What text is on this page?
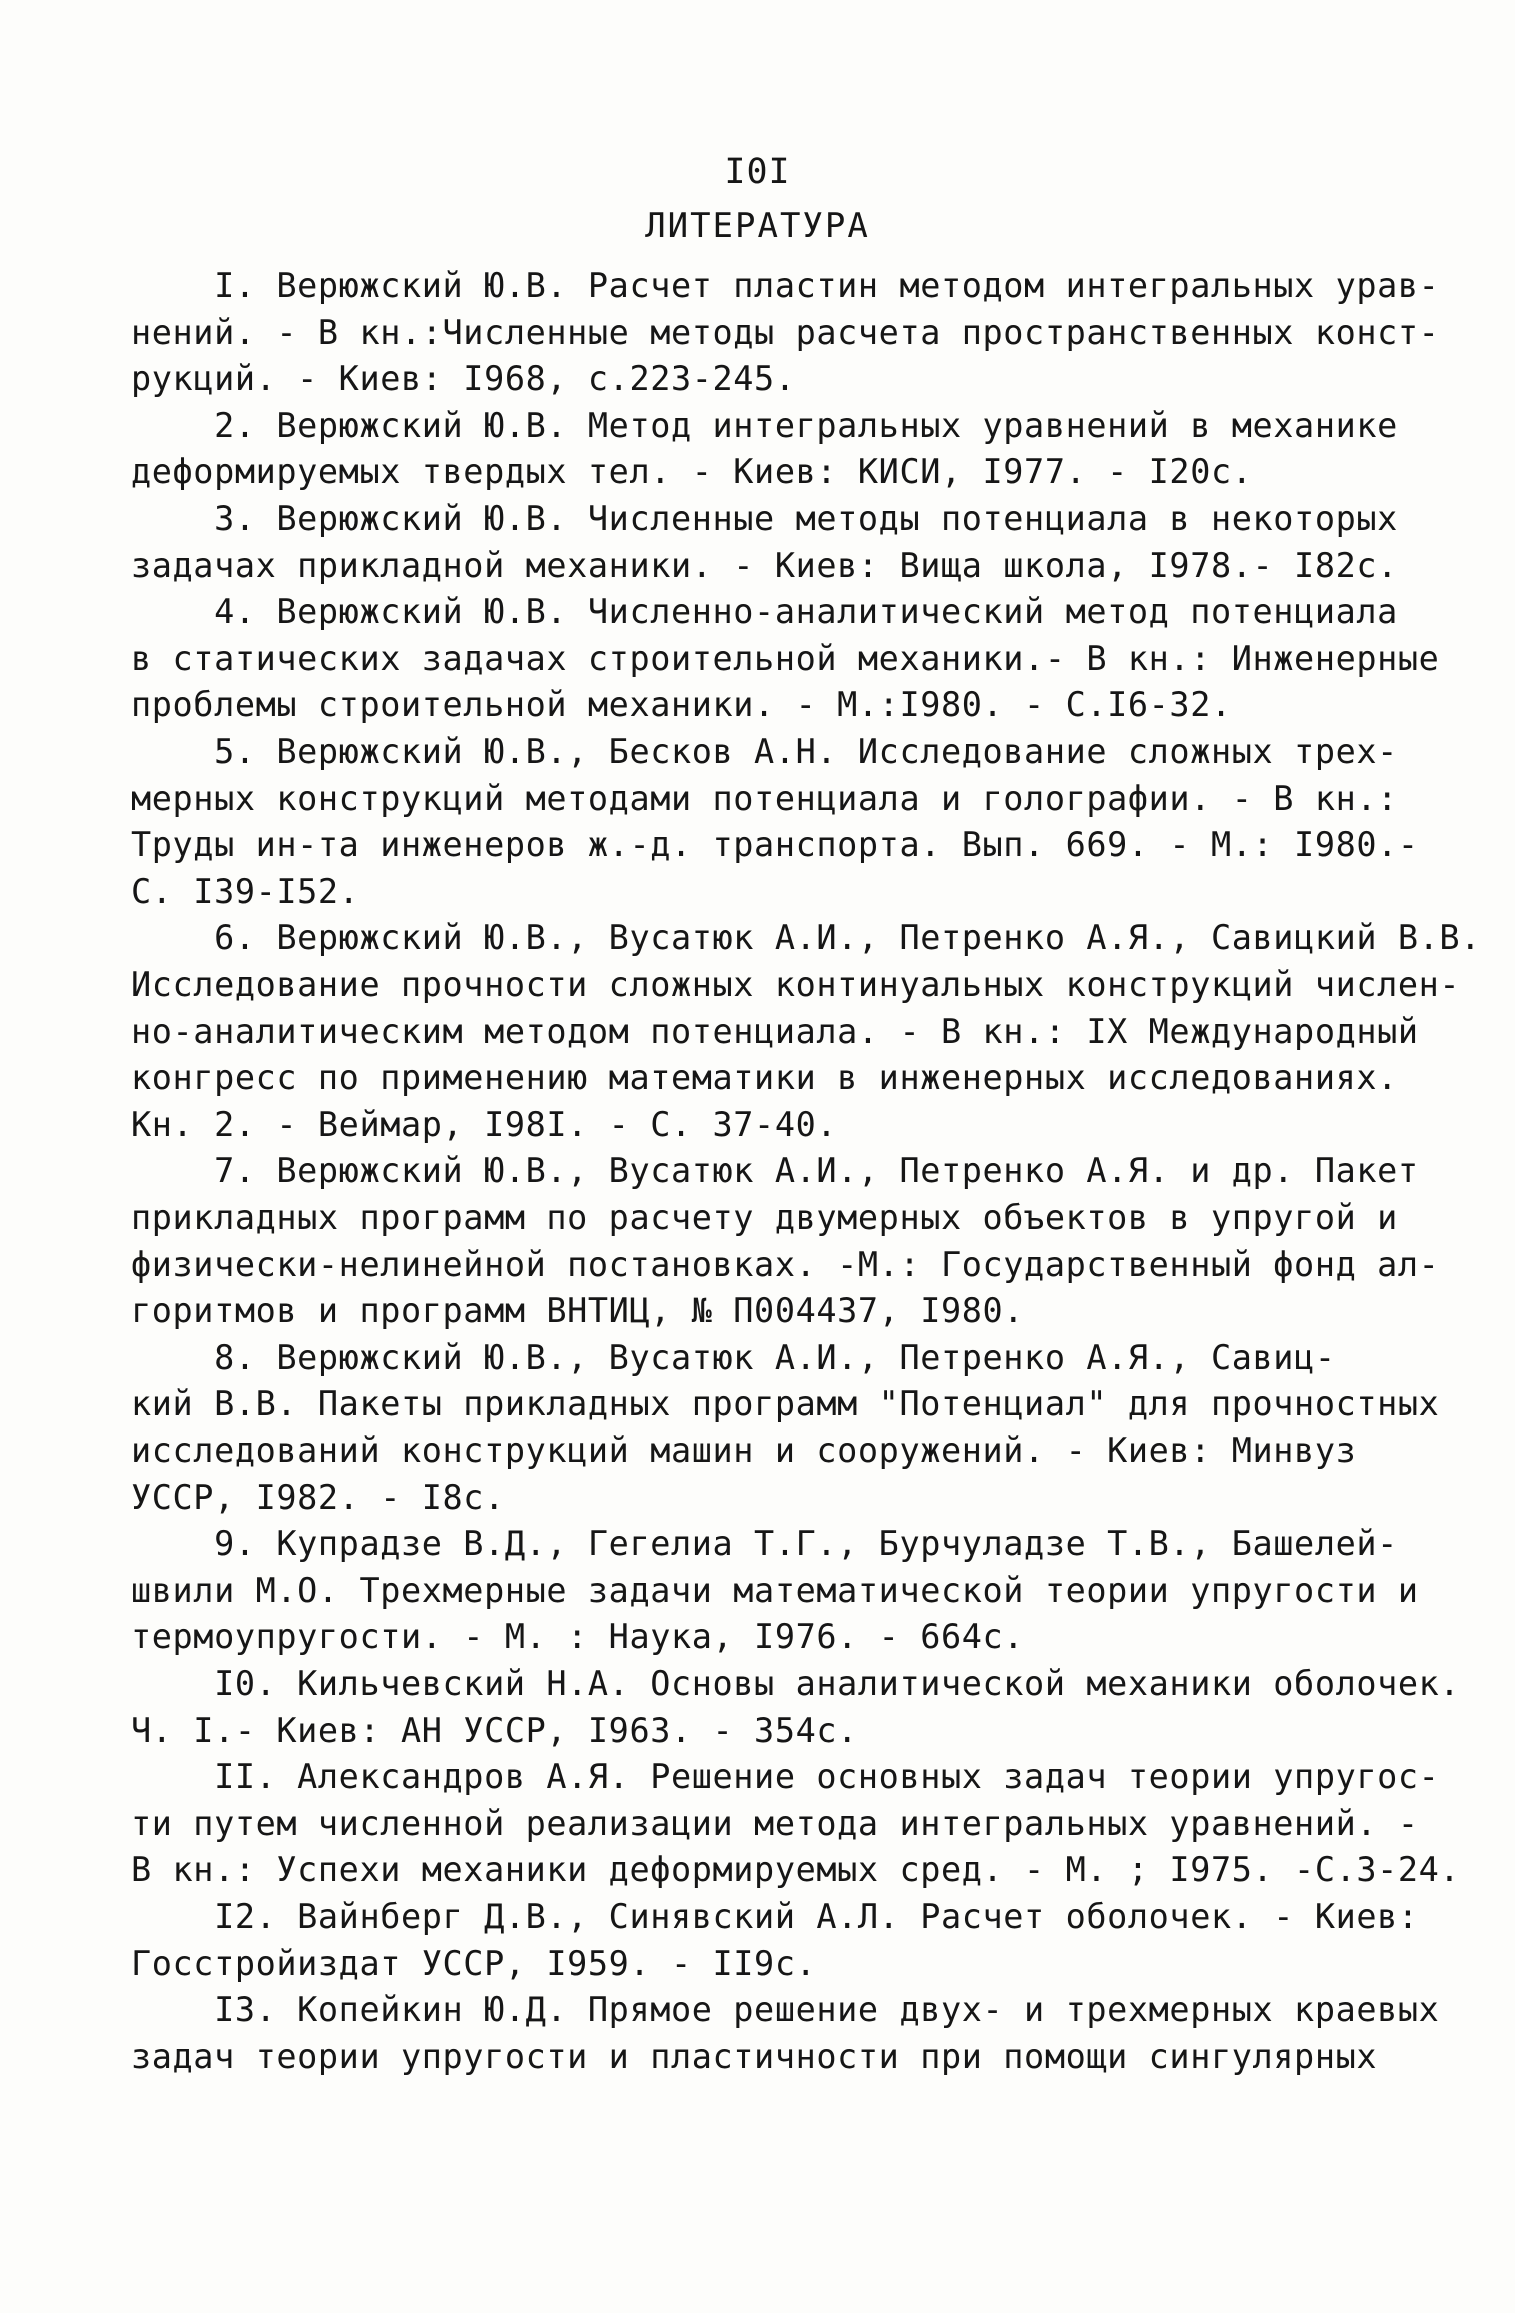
I0I
ЛИТЕРАТУРА
I. Верюжский Ю.В. Расчет пластин методом интегральных урав-
нений. - В кн.:Численные методы расчета пространственных конст-
рукций. - Киев: I968, с.223-245.
2. Верюжский Ю.В. Метод интегральных уравнений в механике
деформируемых твердых тел. - Киев: КИСИ, I977. - I20с.
3. Верюжский Ю.В. Численные методы потенциала в некоторых
задачах прикладной механики. - Киев: Вища школа, I978.- I82с.
4. Верюжский Ю.В. Численно-аналитический метод потенциала
в статических задачах строительной механики.- В кн.: Инженерные
проблемы строительной механики. - М.:I980. - С.I6-32.
5. Верюжский Ю.В., Бесков А.Н. Исследование сложных трех-
мерных конструкций методами потенциала и голографии. - В кн.:
Труды ин-та инженеров ж.-д. транспорта. Вып. 669. - М.: I980.-
С. I39-I52.
6. Верюжский Ю.В., Вусатюк А.И., Петренко А.Я., Савицкий В.В.
Исследование прочности сложных континуальных конструкций числен-
но-аналитическим методом потенциала. - В кн.: IX Международный
конгресс по применению математики в инженерных исследованиях.
Кн. 2. - Веймар, I98I. - С. 37-40.
7. Верюжский Ю.В., Вусатюк А.И., Петренко А.Я. и др. Пакет
прикладных программ по расчету двумерных объектов в упругой и
физически-нелинейной постановках. -М.: Государственный фонд ал-
горитмов и программ ВНТИЦ, № П004437, I980.
8. Верюжский Ю.В., Вусатюк А.И., Петренко А.Я., Савиц-
кий В.В. Пакеты прикладных программ "Потенциал" для прочностных
исследований конструкций машин и сооружений. - Киев: Минвуз
УССР, I982. - I8с.
9. Купрадзе В.Д., Гегелиа Т.Г., Бурчуладзе Т.В., Башелей-
швили М.О. Трехмерные задачи математической теории упругости и
термоупругости. - М. : Наука, I976. - 664с.
I0. Кильчевский Н.А. Основы аналитической механики оболочек.
Ч. I.- Киев: АН УССР, I963. - 354с.
II. Александров А.Я. Решение основных задач теории упругос-
ти путем численной реализации метода интегральных уравнений. -
В кн.: Успехи механики деформируемых сред. - М. ; I975. -С.3-24.
I2. Вайнберг Д.В., Синявский А.Л. Расчет оболочек. - Киев:
Госстройиздат УССР, I959. - II9с.
I3. Копейкин Ю.Д. Прямое решение двух- и трехмерных краевых
задач теории упругости и пластичности при помощи сингулярных
